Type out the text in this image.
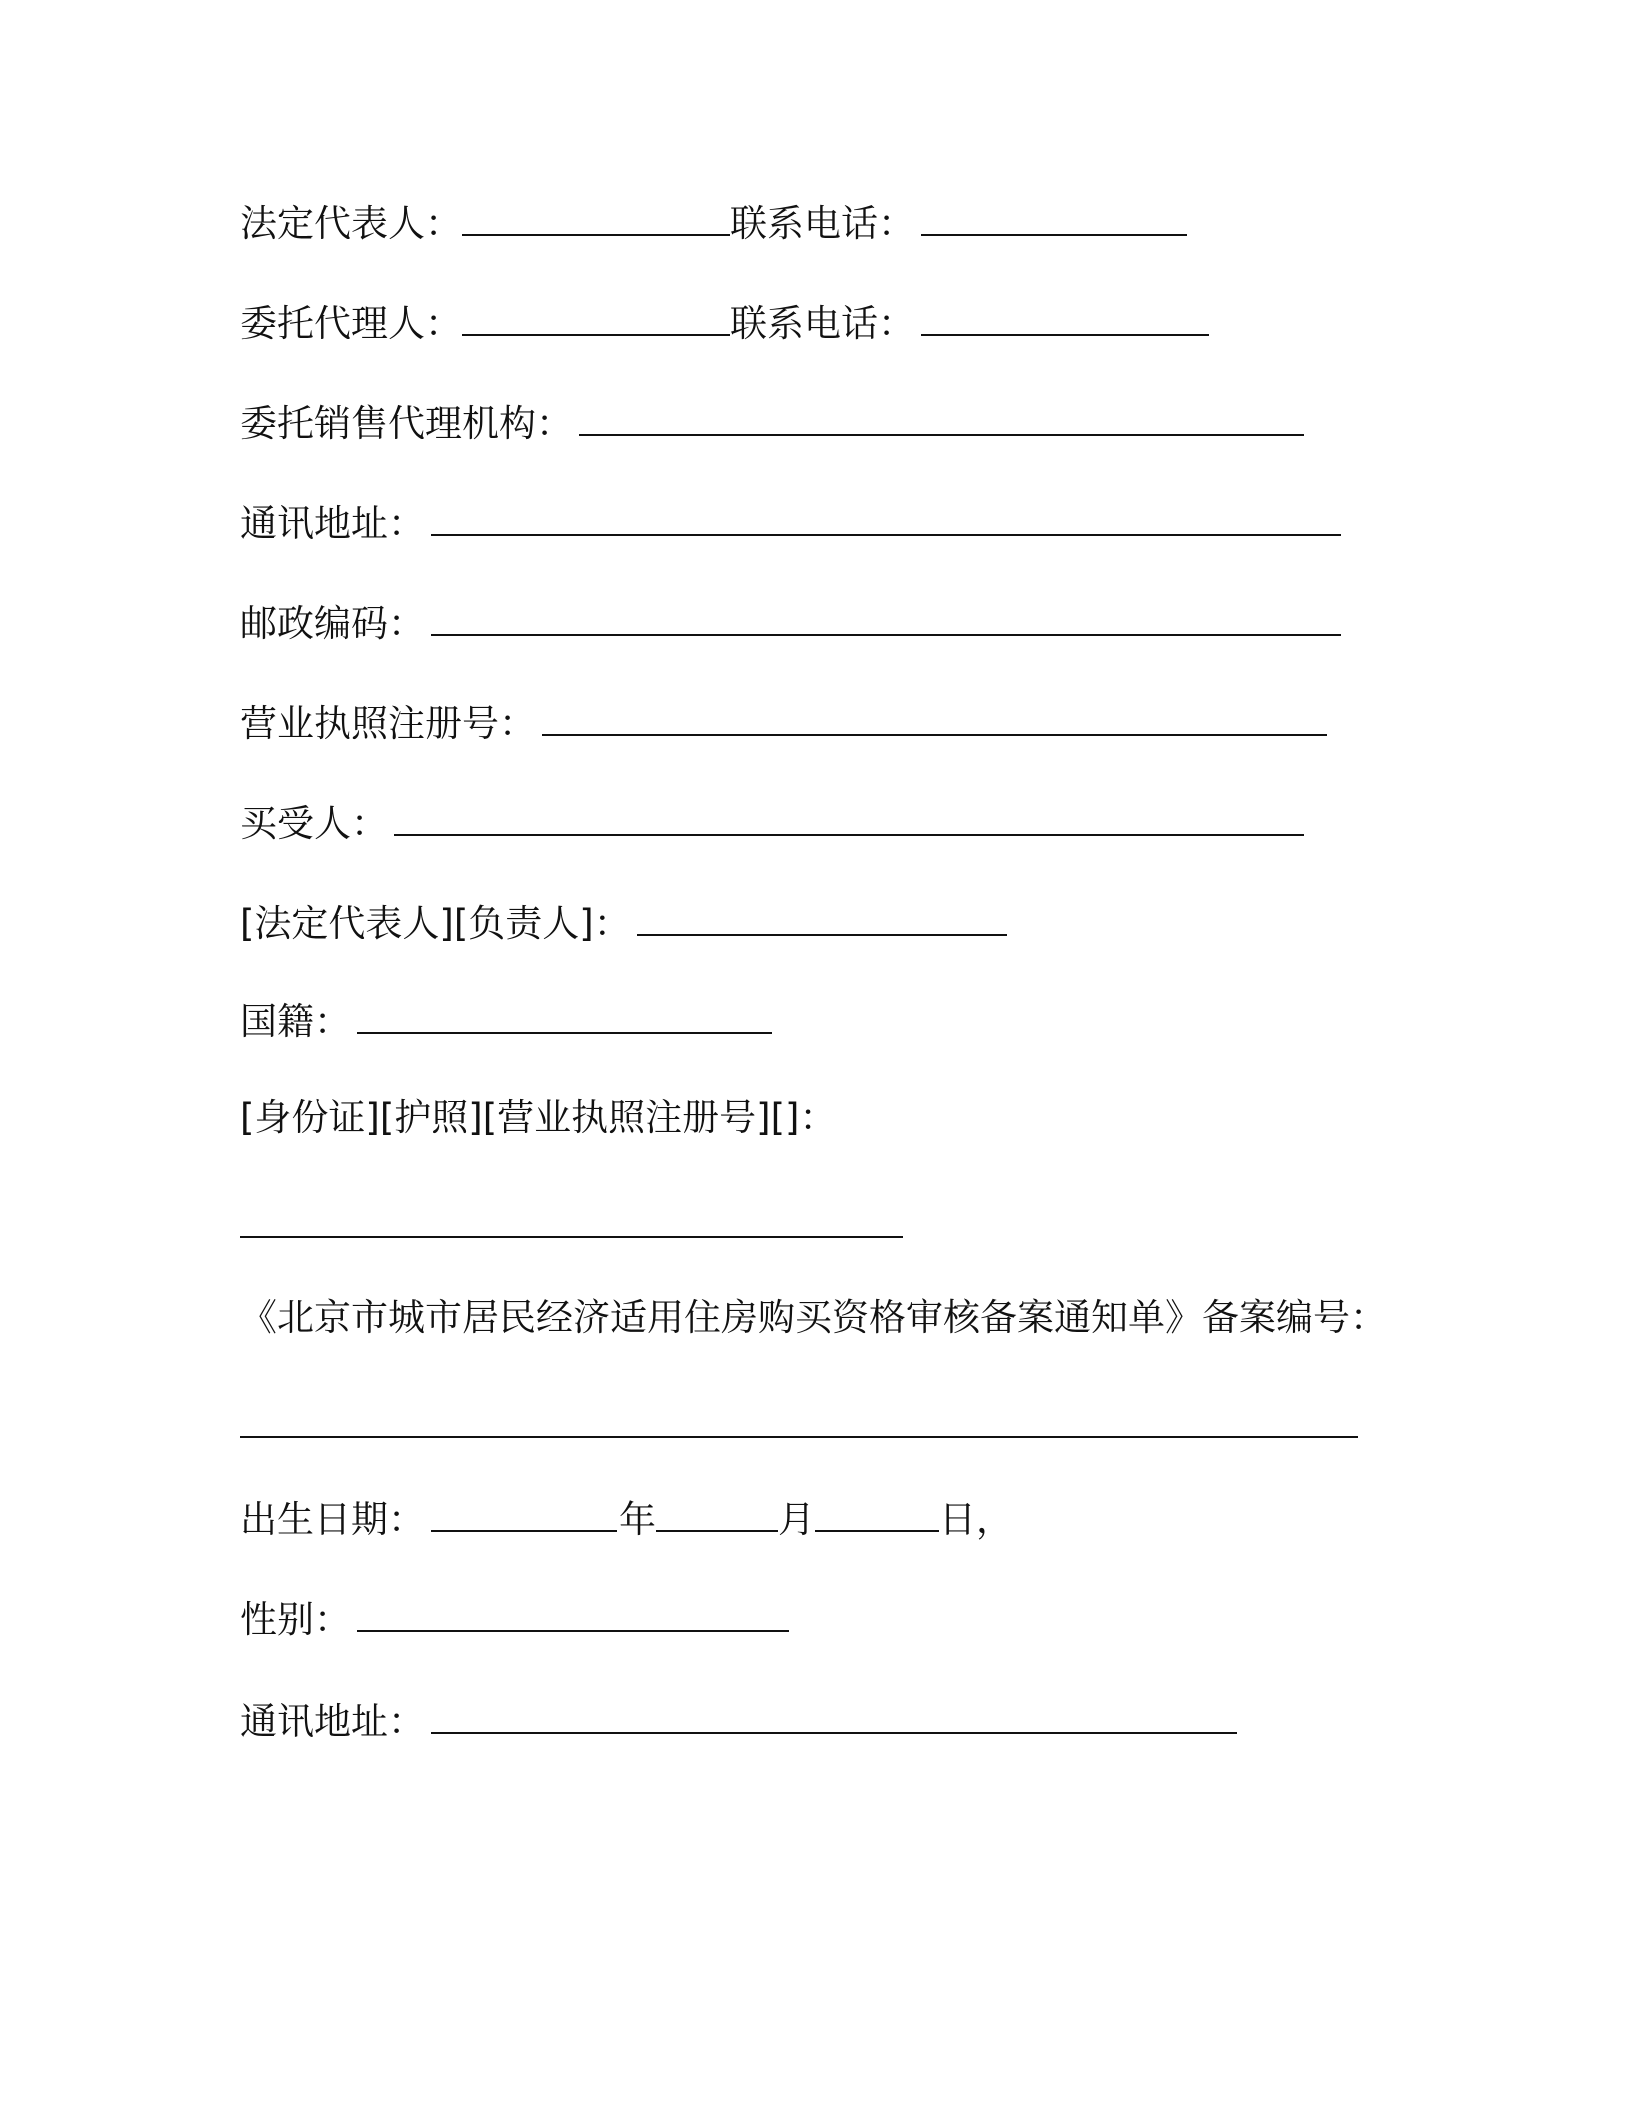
法定代表人：	联系电话：
委托代理人：	联系电话：
委托销售代理机构：
通讯地址：
邮政编码：
营业执照注册号：
买受人：
[法定代表人][负责人]：
国籍：
[身份证][护照][营业执照注册号][]：
《北京市城市居民经济适用住房购买资格审核备案通知单》备案编号：
出生日期：	年	月	日，
性别：
通讯地址：
